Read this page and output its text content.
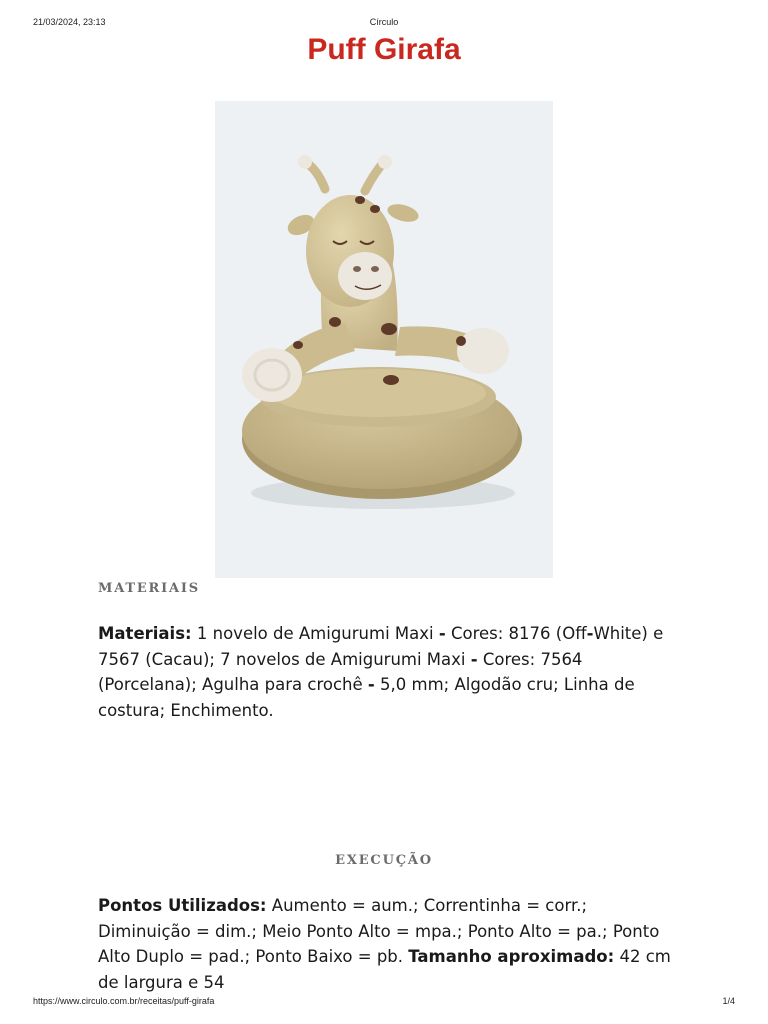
21/03/2024, 23:13	Círculo
Puff Girafa
MATERIAIS

Materiais: 1 novelo de Amigurumi Maxi - Cores: 8176 (Off-White) e 7567 (Cacau); 7 novelos de Amigurumi Maxi - Cores: 7564 (Porcelana); Agulha para crochê - 5,0 mm; Algodão cru; Linha de costura; Enchimento.

EXECUÇÃO

Pontos Utilizados: Aumento = aum.; Correntinha = corr.; Diminuição = dim.; Meio Ponto Alto = mpa.; Ponto Alto = pa.; Ponto Alto Duplo = pad.; Ponto Baixo = pb. Tamanho aproximado: 42 cm de largura e 54

https://www.circulo.com.br/receitas/puff-girafa	1/4
